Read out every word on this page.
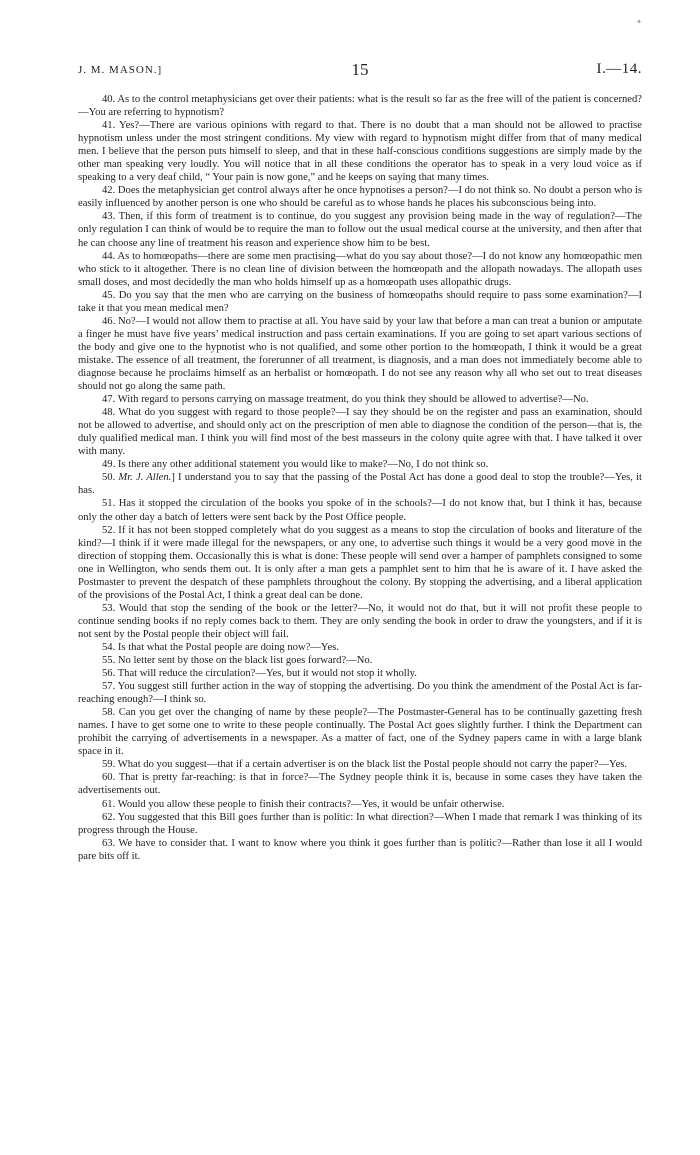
✦
J. M. MASON.]	15	I.—14.

40. As to the control metaphysicians get over their patients: what is the result so far as the free will of the patient is concerned?—You are referring to hypnotism?

41. Yes?—There are various opinions with regard to that. There is no doubt that a man should not be allowed to practise hypnotism unless under the most stringent conditions. My view with regard to hypnotism might differ from that of many medical men. I believe that the person puts himself to sleep, and that in these half-conscious conditions suggestions are simply made by the other man speaking very loudly. You will notice that in all these conditions the operator has to speak in a very loud voice as if speaking to a very deaf child, “ Your pain is now gone,” and he keeps on saying that many times.

42. Does the metaphysician get control always after he once hypnotises a person?—I do not think so. No doubt a person who is easily influenced by another person is one who should be careful as to whose hands he places his subconscious being into.

43. Then, if this form of treatment is to continue, do you suggest any provision being made in the way of regulation?—The only regulation I can think of would be to require the man to follow out the usual medical course at the university, and then after that he can choose any line of treatment his reason and experience show him to be best.

44. As to homœopaths—there are some men practising—what do you say about those?—I do not know any homœopathic men who stick to it altogether. There is no clean line of division between the homœopath and the allopath nowadays. The allopath uses small doses, and most decidedly the man who holds himself up as a homœopath uses allopathic drugs.

45. Do you say that the men who are carrying on the business of homœopaths should require to pass some examination?—I take it that you mean medical men?

46. No?—I would not allow them to practise at all. You have said by your law that before a man can treat a bunion or amputate a finger he must have five years’ medical instruction and pass certain examinations. If you are going to set apart various sections of the body and give one to the hypnotist who is not qualified, and some other portion to the homœopath, I think it would be a great mistake. The essence of all treatment, the forerunner of all treatment, is diagnosis, and a man does not immediately become able to diagnose because he proclaims himself as an herbalist or homœopath. I do not see any reason why all who set out to treat diseases should not go along the same path.

47. With regard to persons carrying on massage treatment, do you think they should be allowed to advertise?—No.

48. What do you suggest with regard to those people?—I say they should be on the register and pass an examination, should not be allowed to advertise, and should only act on the prescription of men able to diagnose the condition of the person—that is, the duly qualified medical man. I think you will find most of the best masseurs in the colony quite agree with that. I have talked it over with many.

49. Is there any other additional statement you would like to make?—No, I do not think so.

50. Mr. J. Allen.] I understand you to say that the passing of the Postal Act has done a good deal to stop the trouble?—Yes, it has.

51. Has it stopped the circulation of the books you spoke of in the schools?—I do not know that, but I think it has, because only the other day a batch of letters were sent back by the Post Office people.

52. If it has not been stopped completely what do you suggest as a means to stop the circulation of books and literature of the kind?—I think if it were made illegal for the newspapers, or any one, to advertise such things it would be a very good move in the direction of stopping them. Occasionally this is what is done: These people will send over a hamper of pamphlets consigned to some one in Wellington, who sends them out. It is only after a man gets a pamphlet sent to him that he is aware of it. I have asked the Postmaster to prevent the despatch of these pamphlets throughout the colony. By stopping the advertising, and a liberal application of the provisions of the Postal Act, I think a great deal can be done.

53. Would that stop the sending of the book or the letter?—No, it would not do that, but it will not profit these people to continue sending books if no reply comes back to them. They are only sending the book in order to draw the youngsters, and if it is not sent by the Postal people their object will fail.

54. Is that what the Postal people are doing now?—Yes.

55. No letter sent by those on the black list goes forward?—No.

56. That will reduce the circulation?—Yes, but it would not stop it wholly.

57. You suggest still further action in the way of stopping the advertising. Do you think the amendment of the Postal Act is far-reaching enough?—I think so.

58. Can you get over the changing of name by these people?—The Postmaster-General has to be continually gazetting fresh names. I have to get some one to write to these people continually. The Postal Act goes slightly further. I think the Department can prohibit the carrying of advertisements in a newspaper. As a matter of fact, one of the Sydney papers came in with a large blank space in it.

59. What do you suggest—that if a certain advertiser is on the black list the Postal people should not carry the paper?—Yes.

60. That is pretty far-reaching: is that in force?—The Sydney people think it is, because in some cases they have taken the advertisements out.

61. Would you allow these people to finish their contracts?—Yes, it would be unfair otherwise.

62. You suggested that this Bill goes further than is politic: In what direction?—When I made that remark I was thinking of its progress through the House.

63. We have to consider that. I want to know where you think it goes further than is politic?—Rather than lose it all I would pare bits off it.
